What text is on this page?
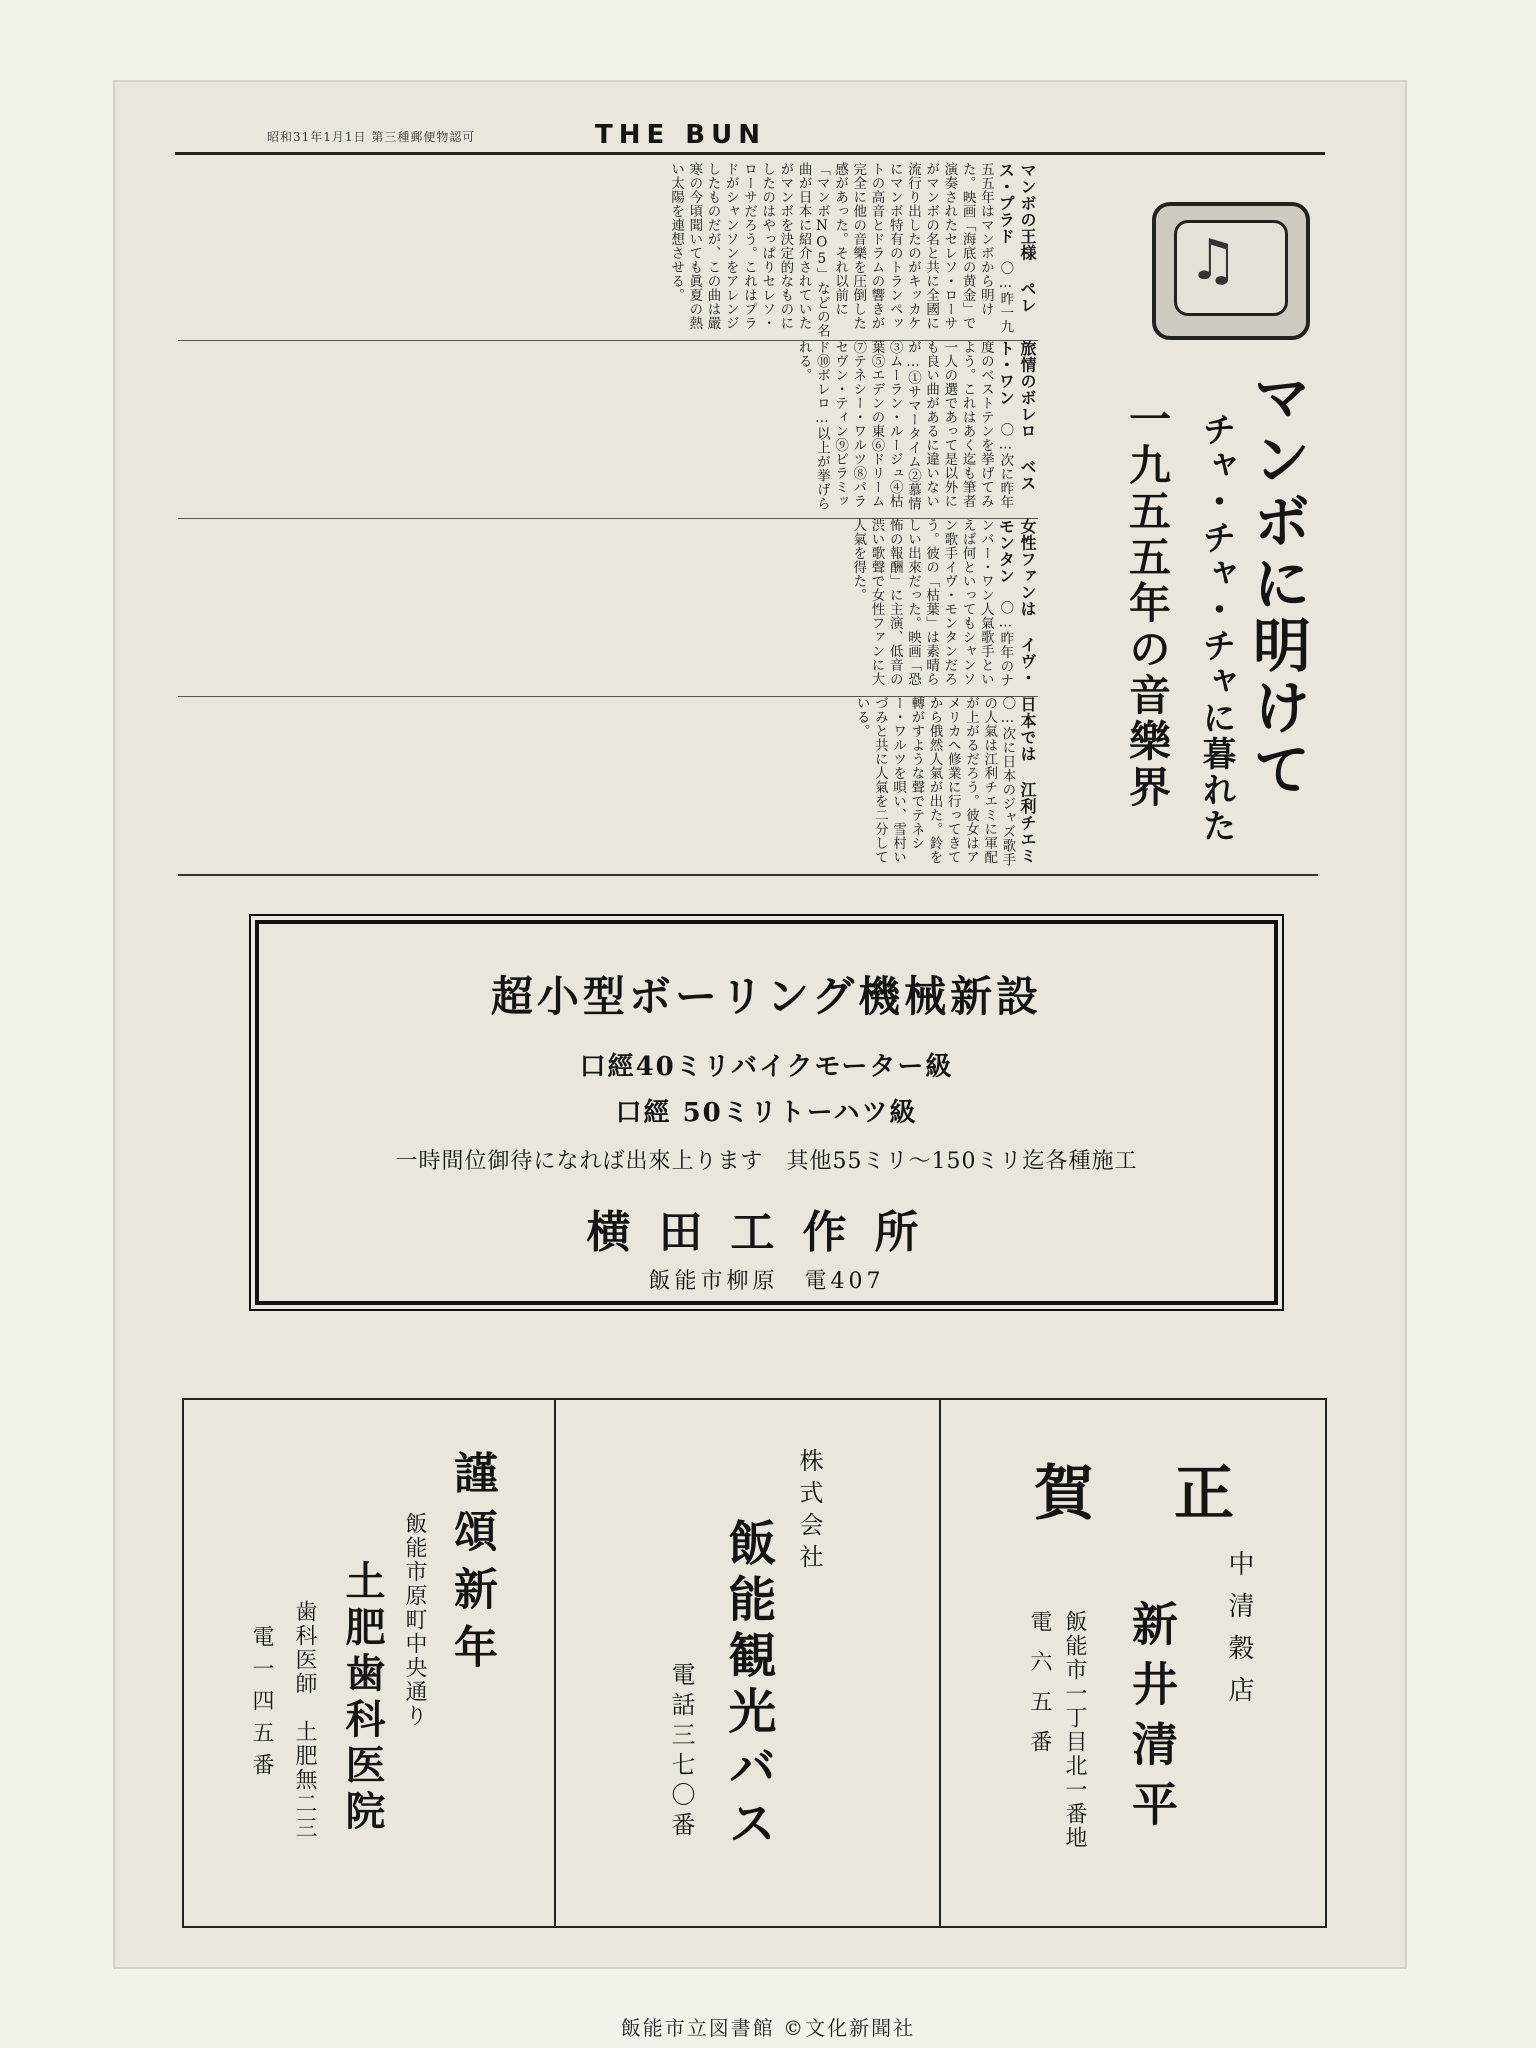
昭和31年1月1日 第三種郵便物認可	THE BUN
♫
マンボに明けて
チャ・チャ・チャに暮れた
一九五五年の音樂界
マンボの王様 ペレス・プラド 〇…昨一九五五年はマンボから明けた。映画「海底の黄金」で演奏されたセレソ・ローサがマンボの名と共に全國に流行り出したのがキッカケにマンボ特有のトランペットの高音とドラムの響きが完全に他の音樂を圧倒した感があった。それ以前に「マンボNO5」などの名曲が日本に紹介されていたがマンボを決定的なものにしたのはやっぱりセレソ・ローサだろう。これはプラドがシャンソンをアレンジしたものだが、この曲は嚴寒の今頃聞いても眞夏の熱い太陽を連想させる。
旅情のボレロ ベスト・ワン 〇…次に昨年度のベストテンを挙げてみよう。これはあく迄も筆者一人の選であって是以外にも良い曲があるに違いないが…①サマータイム②慕情③ムーラン・ルージュ④枯葉⑤エデンの東⑥ドリーム⑦テネシー・ワルツ⑧パラセヴン・ティン⑨ピラミッド⑩ボレロ…以上が挙げられる。
女性ファンは イヴ・モンタン 〇…昨年のナンバー・ワン人氣歌手といえば何といってもシャンソン歌手イヴ・モンタンだろう。彼の「枯葉」は素晴らしい出來だった。映画「恐怖の報酬」に主演、低音の渋い歌聲で女性ファンに大人氣を得た。
日本では 江利チエミ 〇…次に日本のジャズ歌手の人氣は江利チエミに軍配が上がるだろう。彼女はアメリカへ修業に行ってきてから俄然人氣が出た。鈴を轉がすような聲でテネシー・ワルツを唄い、雪村いづみと共に人氣を二分している。
超小型ボーリング機械新設
口經40ミリバイクモーター級
口經 50ミリトーハツ級
一時間位御待になれば出來上ります　其他55ミリ～150ミリ迄各種施工
横田工作所
飯能市柳原　電407
謹頌新年
飯能市原町中央通り
土肥歯科医院
歯科医師　土肥無二三
電一四五番
株式会社
飯能観光バス
電話三七〇番
賀正
中清穀店
新井清平
飯能市一丁目北一番地
電六五番
飯能市立図書館 ©文化新聞社
